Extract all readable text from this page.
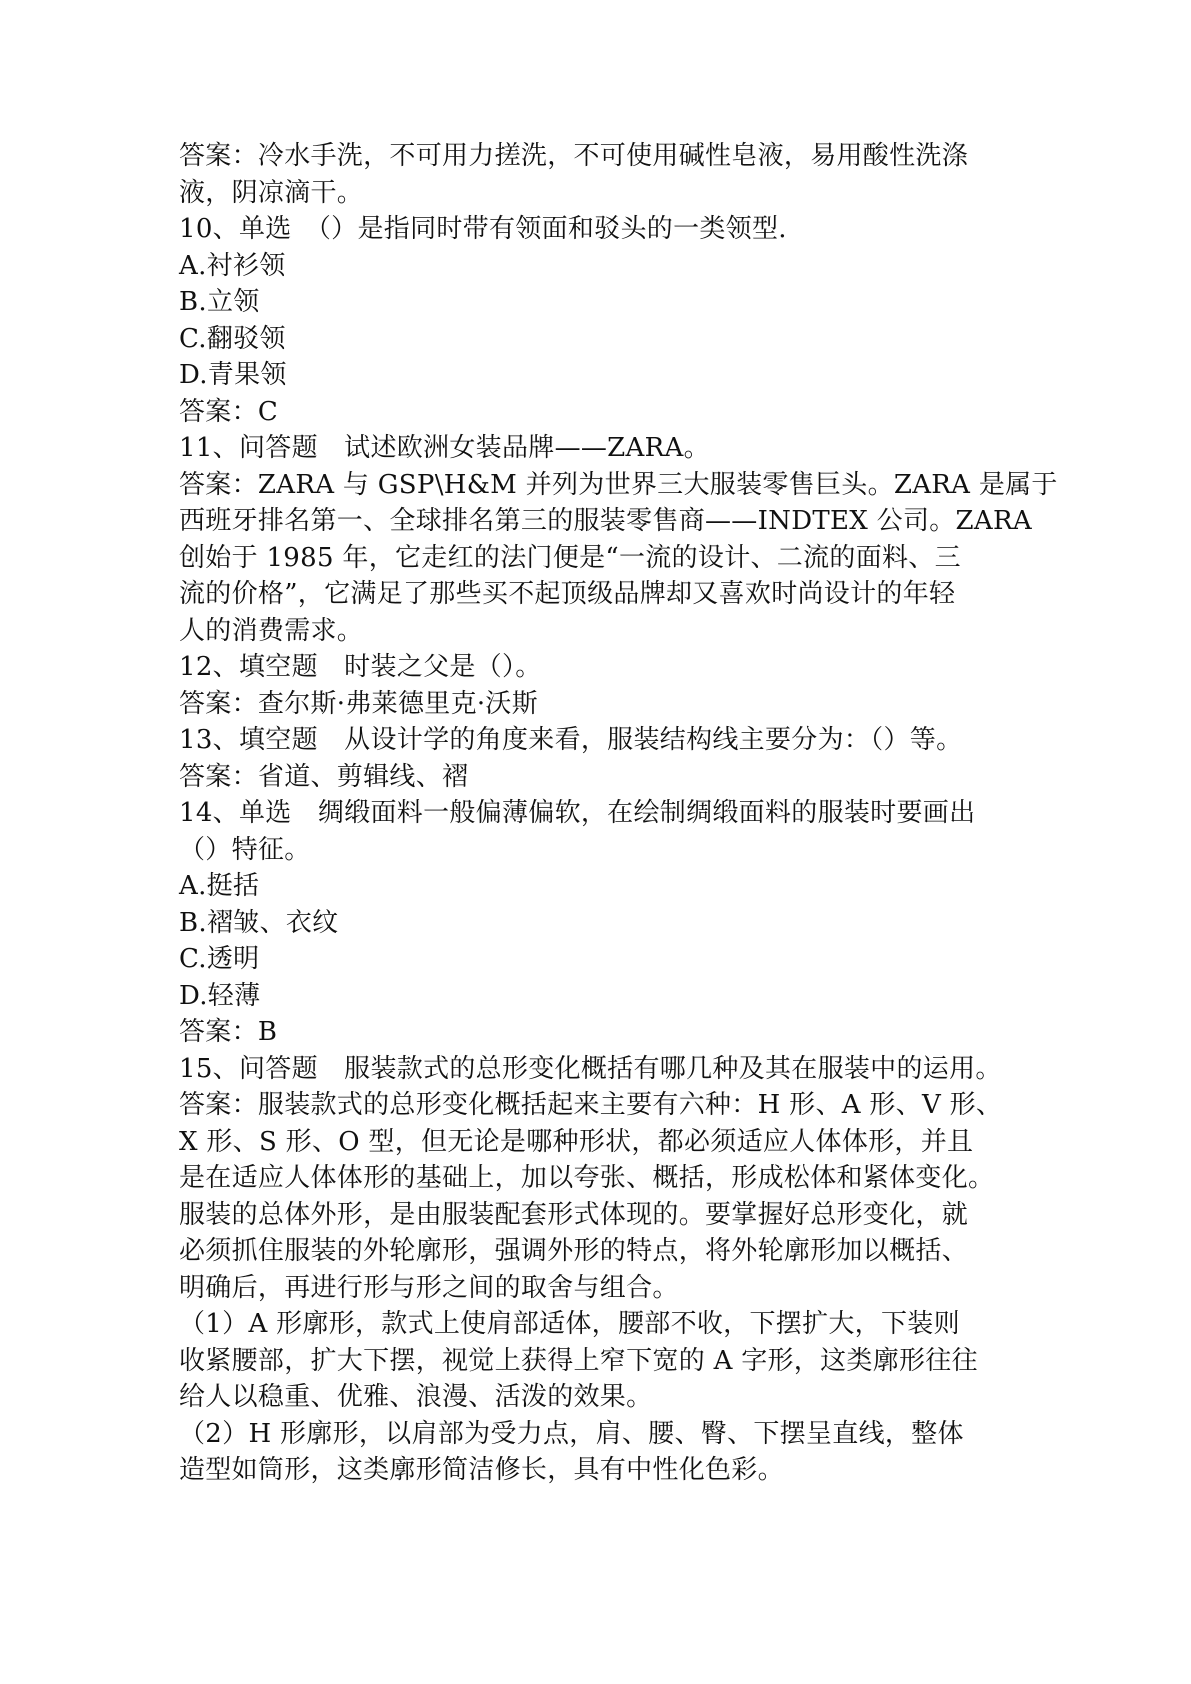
答案：冷水手洗，不可用力搓洗，不可使用碱性皂液，易用酸性洗涤
液，阴凉滴干。
10、单选　（）是指同时带有领面和驳头的一类领型.
A.衬衫领
B.立领
C.翻驳领
D.青果领
答案：C
11、问答题　试述欧洲女装品牌——ZARA。
答案：ZARA 与 GSP\H&M 并列为世界三大服装零售巨头。ZARA 是属于
西班牙排名第一、全球排名第三的服装零售商——INDTEX 公司。ZARA
创始于 1985 年，它走红的法门便是“一流的设计、二流的面料、三
流的价格”，它满足了那些买不起顶级品牌却又喜欢时尚设计的年轻
人的消费需求。
12、填空题　时装之父是（）。
答案：查尔斯·弗莱德里克·沃斯
13、填空题　从设计学的角度来看，服装结构线主要分为：（）等。
答案：省道、剪辑线、褶
14、单选　绸缎面料一般偏薄偏软，在绘制绸缎面料的服装时要画出
（）特征。
A.挺括
B.褶皱、衣纹
C.透明
D.轻薄
答案：B
15、问答题　服装款式的总形变化概括有哪几种及其在服装中的运用。
答案：服装款式的总形变化概括起来主要有六种：H 形、A 形、V 形、
X 形、S 形、O 型，但无论是哪种形状，都必须适应人体体形，并且
是在适应人体体形的基础上，加以夸张、概括，形成松体和紧体变化。
服装的总体外形，是由服装配套形式体现的。要掌握好总形变化，就
必须抓住服装的外轮廓形，强调外形的特点，将外轮廓形加以概括、
明确后，再进行形与形之间的取舍与组合。
（1）A 形廓形，款式上使肩部适体，腰部不收，下摆扩大，下装则
收紧腰部，扩大下摆，视觉上获得上窄下宽的 A 字形，这类廓形往往
给人以稳重、优雅、浪漫、活泼的效果。
（2）H 形廓形，以肩部为受力点，肩、腰、臀、下摆呈直线，整体
造型如筒形，这类廓形简洁修长，具有中性化色彩。
